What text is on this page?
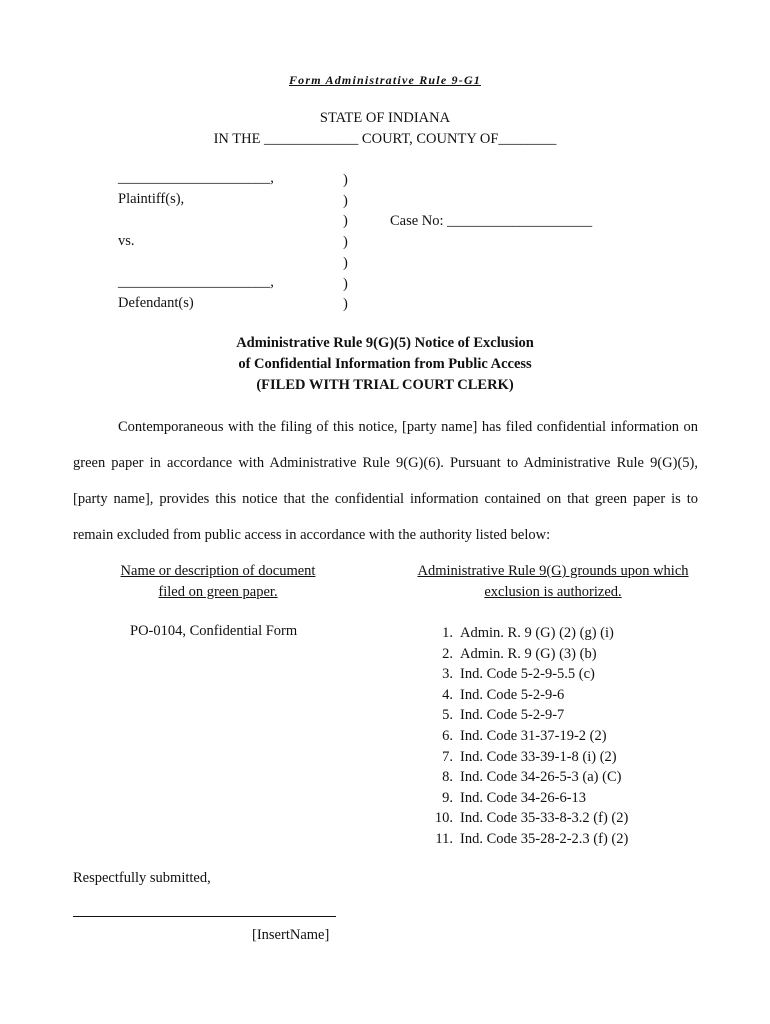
Form Administrative Rule 9-G1
STATE OF INDIANA
IN THE _____________ COURT, COUNTY OF________
_____________________,
Plaintiff(s),
vs.
_____________________,
Defendant(s)
)
)
)
)
)
)
)
Case No: ____________________
Administrative Rule 9(G)(5) Notice of Exclusion
of Confidential Information from Public Access
(FILED WITH TRIAL COURT CLERK)
Contemporaneous with the filing of this notice, [party name] has filed confidential information on green paper in accordance with Administrative Rule 9(G)(6). Pursuant to Administrative Rule 9(G)(5), [party name], provides this notice that the confidential information contained on that green paper is to remain excluded from public access in accordance with the authority listed below:
Name or description of document
filed on green paper.
Administrative Rule 9(G) grounds upon which
exclusion is authorized.
PO-0104, Confidential Form	1. Admin. R. 9 (G) (2) (g) (i)
2. Admin. R. 9 (G) (3) (b)
3. Ind. Code 5-2-9-5.5 (c)
4. Ind. Code 5-2-9-6
5. Ind. Code 5-2-9-7
6. Ind. Code 31-37-19-2 (2)
7. Ind. Code 33-39-1-8 (i) (2)
8. Ind. Code 34-26-5-3 (a) (C)
9. Ind. Code 34-26-6-13
10. Ind. Code 35-33-8-3.2 (f) (2)
11. Ind. Code 35-28-2-2.3 (f) (2)
Respectfully submitted,
[InsertName]
